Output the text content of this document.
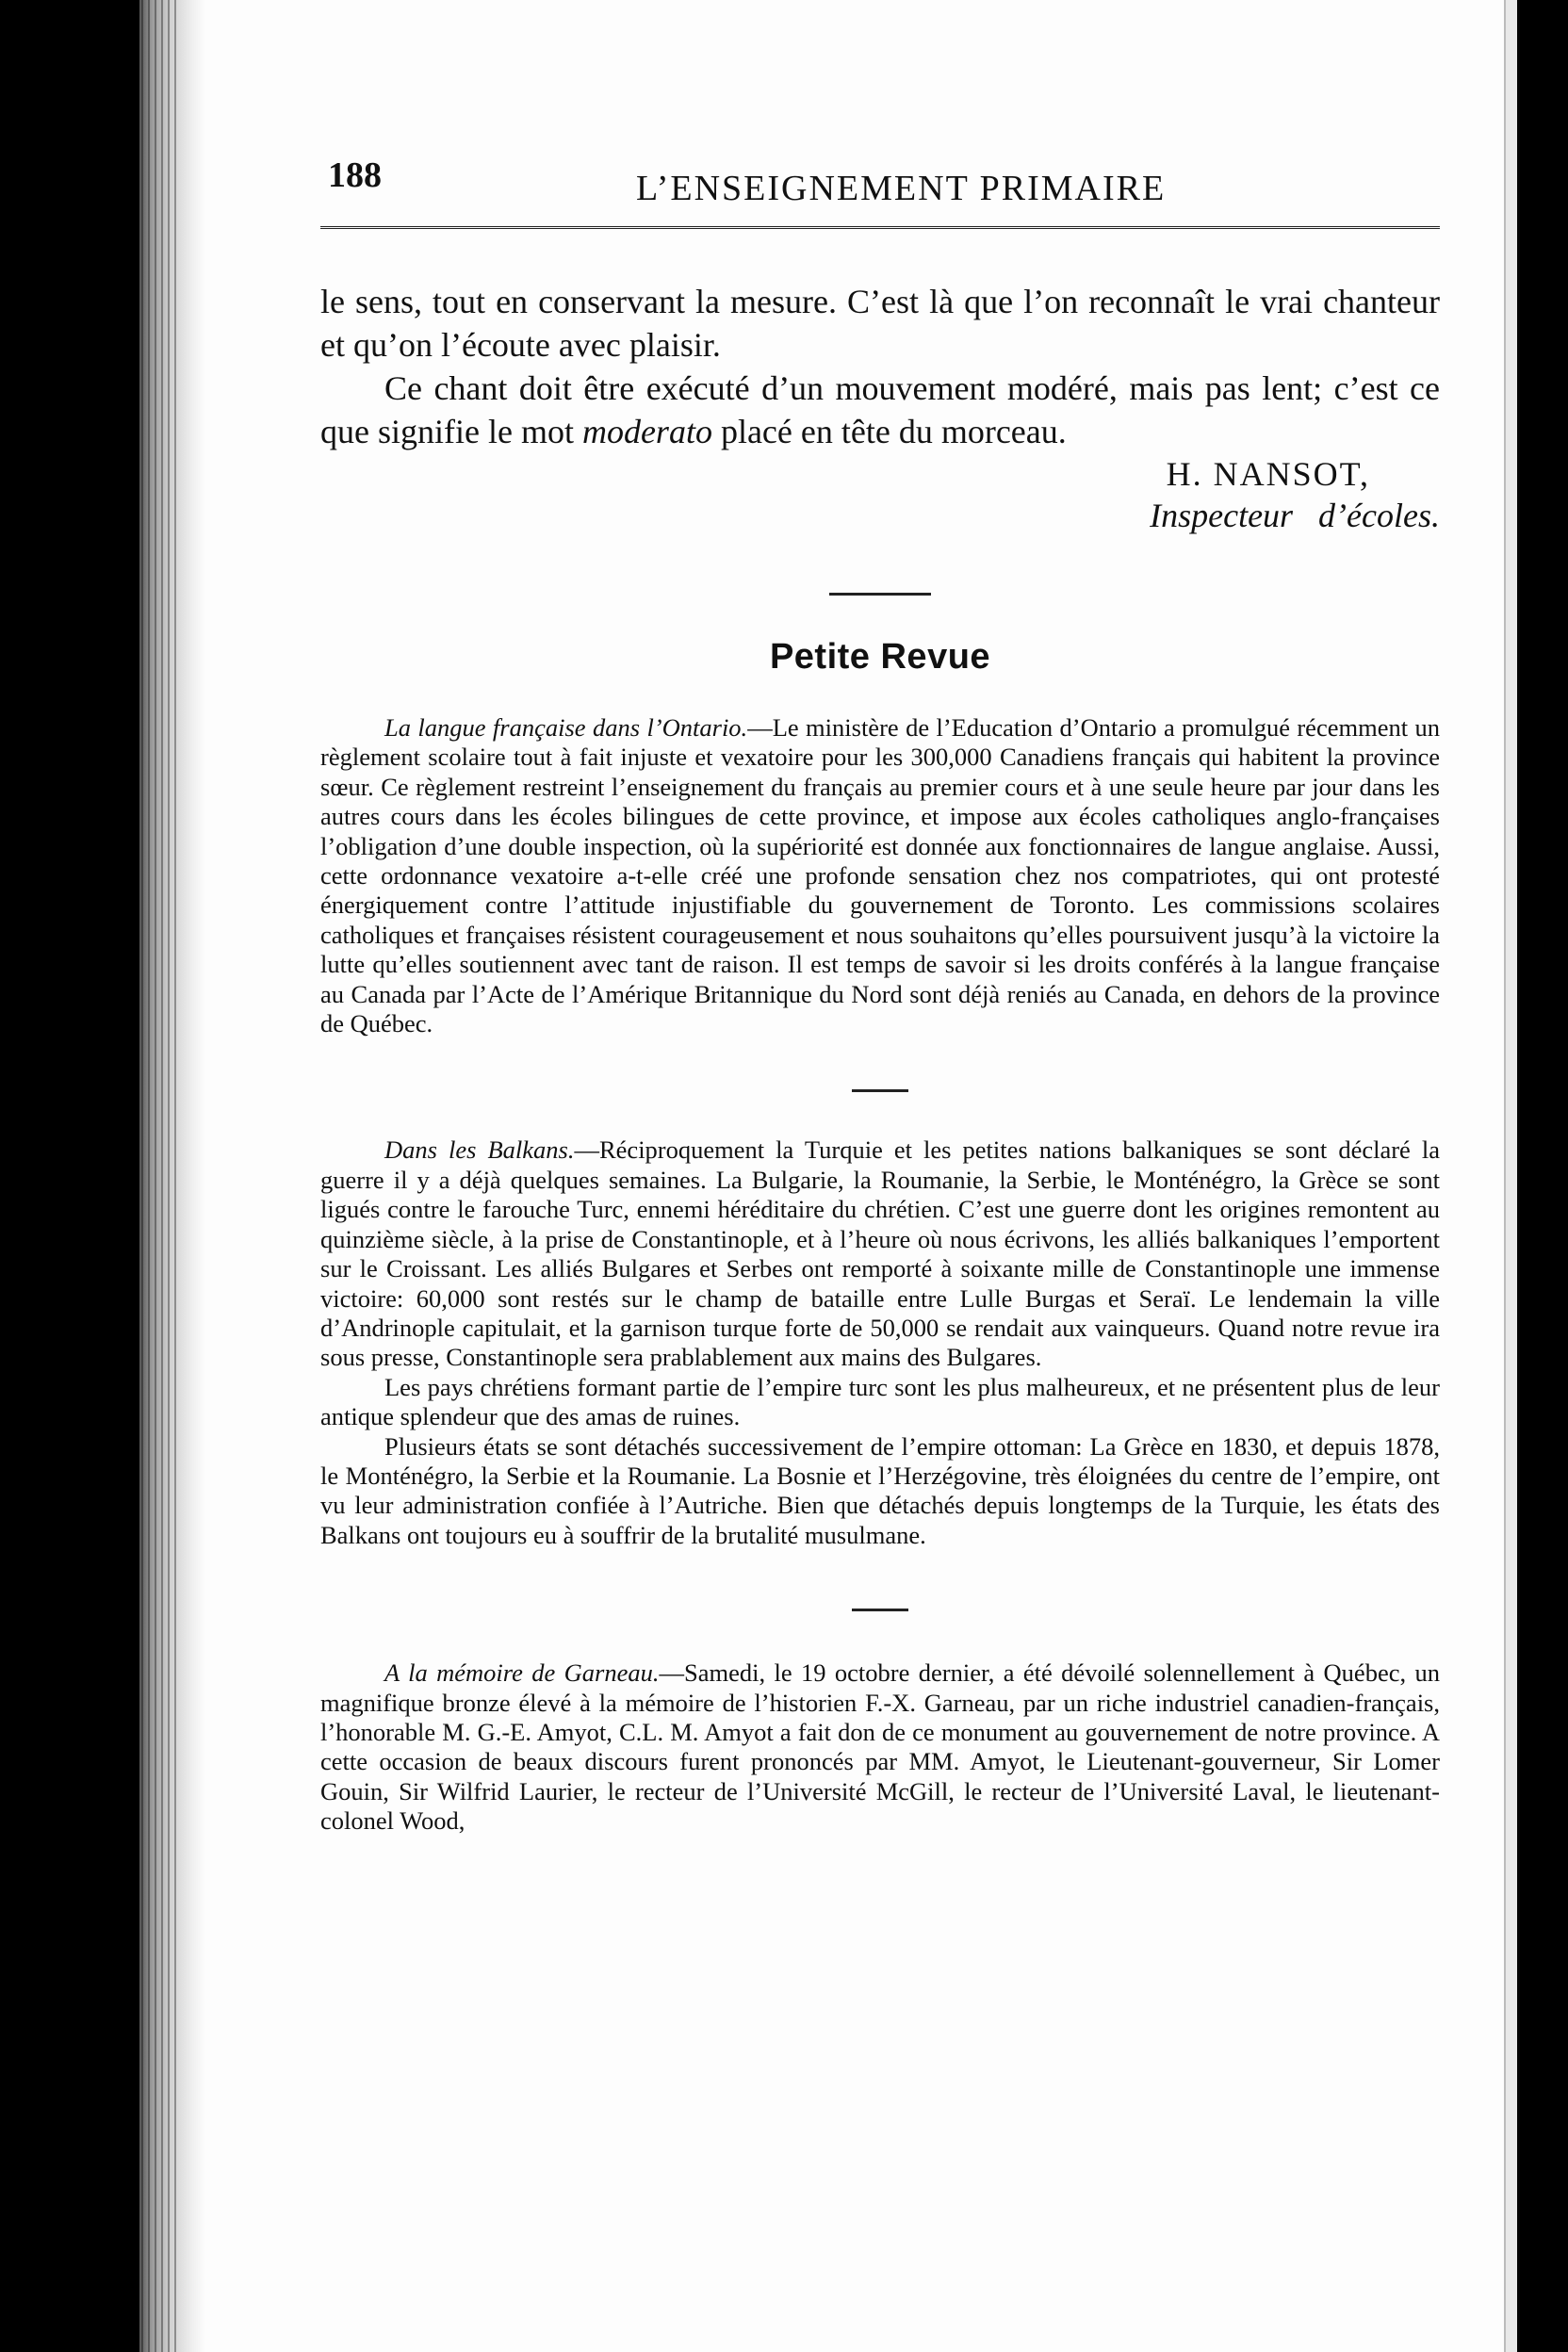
188	L’ENSEIGNEMENT PRIMAIRE

le sens, tout en conservant la mesure. C’est là que l’on reconnaît le vrai chanteur et qu’on l’écoute avec plaisir.

Ce chant doit être exécuté d’un mouvement modéré, mais pas lent; c’est ce que signifie le mot moderato placé en tête du morceau.

H. NANSOT,
Inspecteur d’écoles.
Petite Revue

La langue française dans l’Ontario.—Le ministère de l’Education d’Ontario a promulgué récemment un règlement scolaire tout à fait injuste et vexatoire pour les 300,000 Canadiens français qui habitent la province sœur. Ce règlement restreint l’enseignement du français au premier cours et à une seule heure par jour dans les autres cours dans les écoles bilingues de cette province, et impose aux écoles catholiques anglo-françaises l’obligation d’une double inspection, où la supériorité est donnée aux fonctionnaires de langue anglaise. Aussi, cette ordonnance vexatoire a-t-elle créé une profonde sensation chez nos compatriotes, qui ont protesté énergiquement contre l’attitude injustifiable du gouvernement de Toronto. Les commissions scolaires catholiques et françaises résistent courageusement et nous souhaitons qu’elles poursuivent jusqu’à la victoire la lutte qu’elles soutiennent avec tant de raison. Il est temps de savoir si les droits conférés à la langue française au Canada par l’Acte de l’Amérique Britannique du Nord sont déjà reniés au Canada, en dehors de la province de Québec.

Dans les Balkans.—Réciproquement la Turquie et les petites nations balkaniques se sont déclaré la guerre il y a déjà quelques semaines. La Bulgarie, la Roumanie, la Serbie, le Monténégro, la Grèce se sont ligués contre le farouche Turc, ennemi héréditaire du chrétien. C’est une guerre dont les origines remontent au quinzième siècle, à la prise de Constantinople, et à l’heure où nous écrivons, les alliés balkaniques l’emportent sur le Croissant. Les alliés Bulgares et Serbes ont remporté à soixante mille de Constantinople une immense victoire: 60,000 sont restés sur le champ de bataille entre Lulle Burgas et Seraï. Le lendemain la ville d’Andrinople capitulait, et la garnison turque forte de 50,000 se rendait aux vainqueurs. Quand notre revue ira sous presse, Constantinople sera prablablement aux mains des Bulgares.

Les pays chrétiens formant partie de l’empire turc sont les plus malheureux, et ne présentent plus de leur antique splendeur que des amas de ruines.

Plusieurs états se sont détachés successivement de l’empire ottoman: La Grèce en 1830, et depuis 1878, le Monténégro, la Serbie et la Roumanie. La Bosnie et l’Herzégovine, très éloignées du centre de l’empire, ont vu leur administration confiée à l’Autriche. Bien que détachés depuis longtemps de la Turquie, les états des Balkans ont toujours eu à souffrir de la brutalité musulmane.

A la mémoire de Garneau.—Samedi, le 19 octobre dernier, a été dévoilé solennellement à Québec, un magnifique bronze élevé à la mémoire de l’historien F.-X. Garneau, par un riche industriel canadien-français, l’honorable M. G.-E. Amyot, C.L. M. Amyot a fait don de ce monument au gouvernement de notre province. A cette occasion de beaux discours furent prononcés par MM. Amyot, le Lieutenant-gouverneur, Sir Lomer Gouin, Sir Wilfrid Laurier, le recteur de l’Université McGill, le recteur de l’Université Laval, le lieutenant-colonel Wood,
